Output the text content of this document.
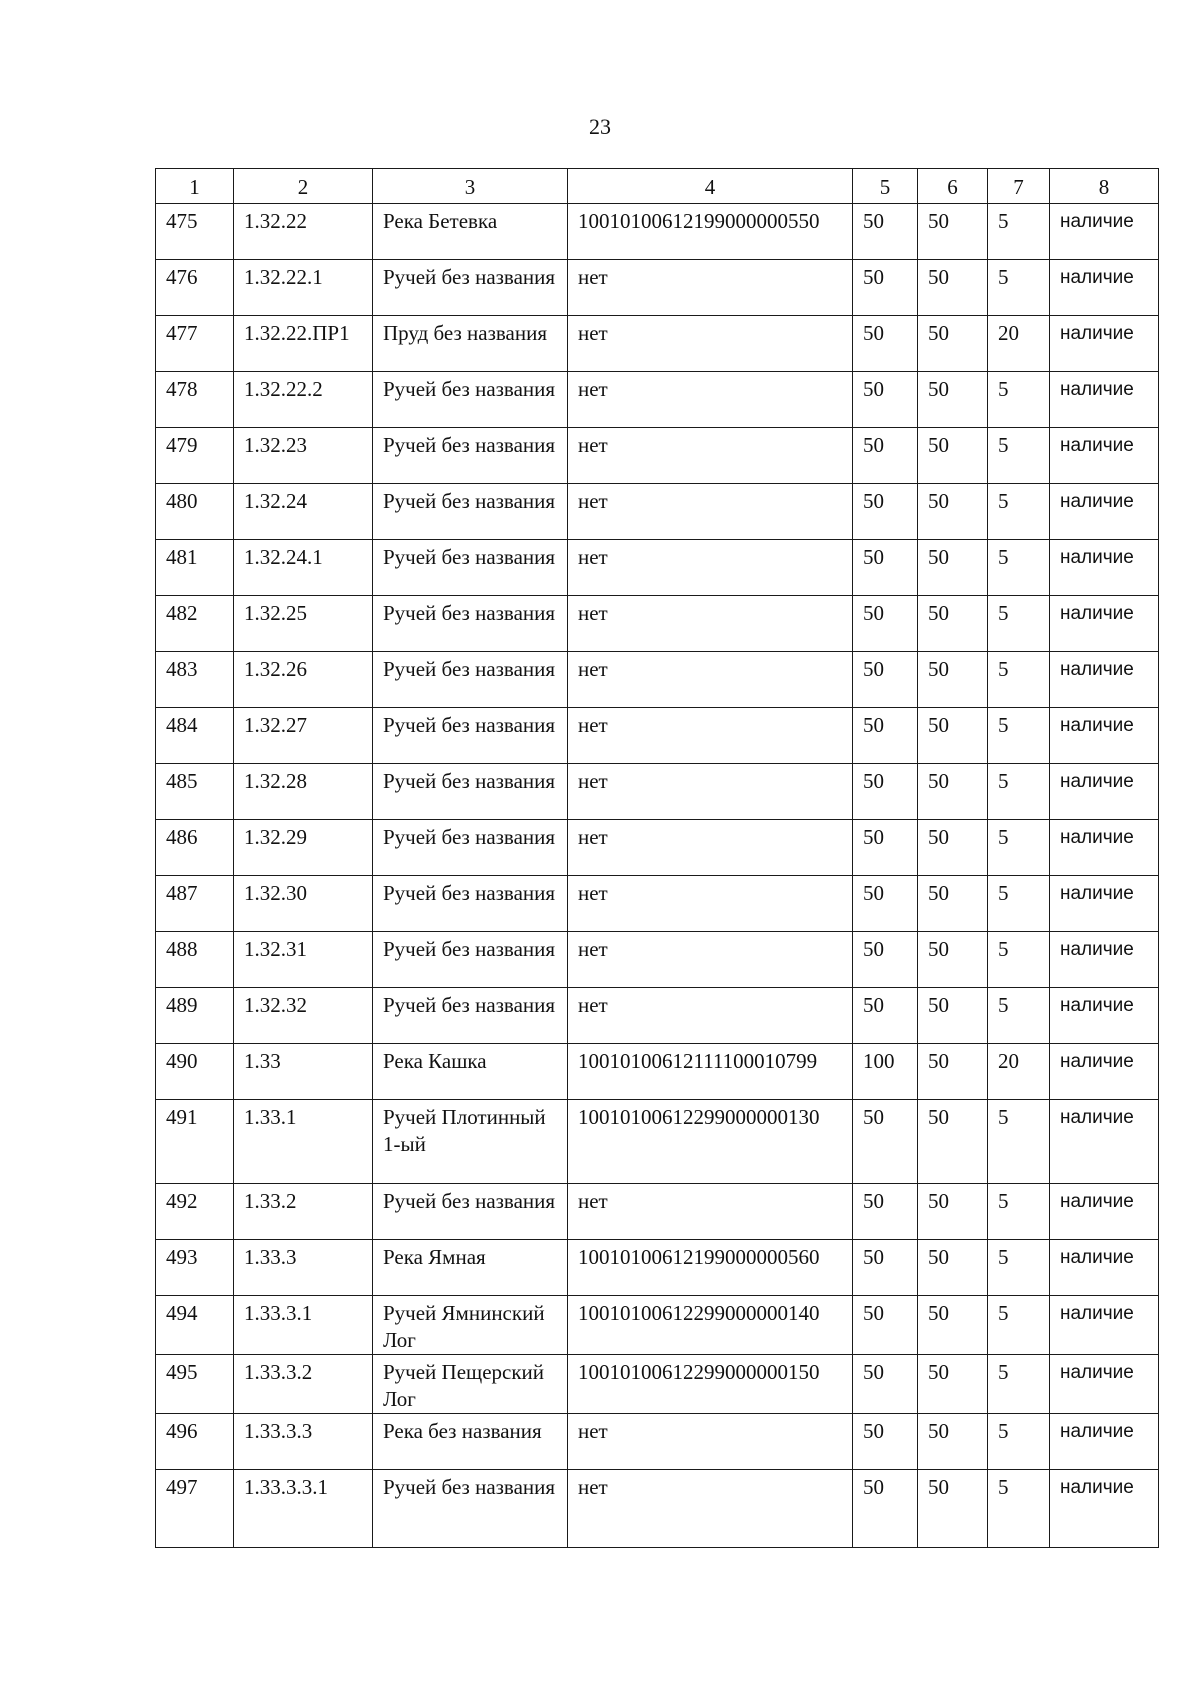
23
1	2	3	4	5	6	7	8
475	1.32.22	Река Бетевка	10010100612199000000550	50	50	5	наличие
476	1.32.22.1	Ручей без названия	нет	50	50	5	наличие
477	1.32.22.ПР1	Пруд без названия	нет	50	50	20	наличие
478	1.32.22.2	Ручей без названия	нет	50	50	5	наличие
479	1.32.23	Ручей без названия	нет	50	50	5	наличие
480	1.32.24	Ручей без названия	нет	50	50	5	наличие
481	1.32.24.1	Ручей без названия	нет	50	50	5	наличие
482	1.32.25	Ручей без названия	нет	50	50	5	наличие
483	1.32.26	Ручей без названия	нет	50	50	5	наличие
484	1.32.27	Ручей без названия	нет	50	50	5	наличие
485	1.32.28	Ручей без названия	нет	50	50	5	наличие
486	1.32.29	Ручей без названия	нет	50	50	5	наличие
487	1.32.30	Ручей без названия	нет	50	50	5	наличие
488	1.32.31	Ручей без названия	нет	50	50	5	наличие
489	1.32.32	Ручей без названия	нет	50	50	5	наличие
490	1.33	Река Кашка	10010100612111100010799	100	50	20	наличие
491	1.33.1	Ручей Плотинный 1-ый	10010100612299000000130	50	50	5	наличие
492	1.33.2	Ручей без названия	нет	50	50	5	наличие
493	1.33.3	Река Ямная	10010100612199000000560	50	50	5	наличие
494	1.33.3.1	Ручей Ямнинский Лог	10010100612299000000140	50	50	5	наличие
495	1.33.3.2	Ручей Пещерский Лог	10010100612299000000150	50	50	5	наличие
496	1.33.3.3	Река без названия	нет	50	50	5	наличие
497	1.33.3.3.1	Ручей без названия	нет	50	50	5	наличие
